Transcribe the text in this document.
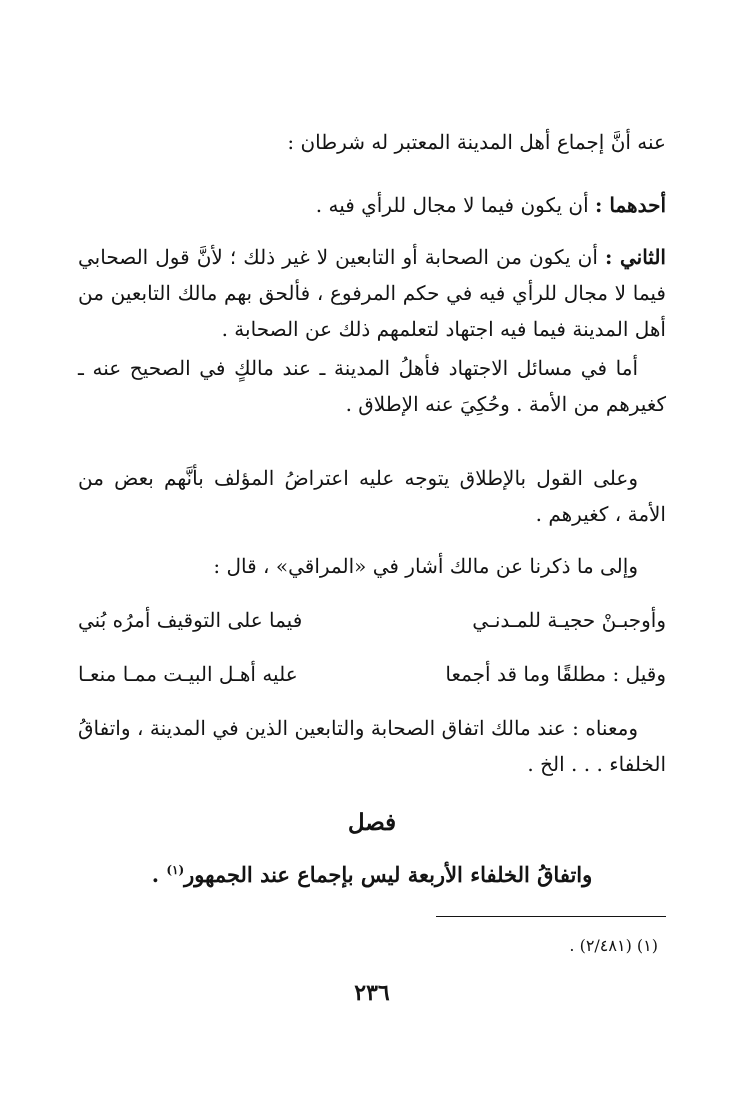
عنه أنَّ إجماع أهل المدينة المعتبر له شرطان :

أحدهما : أن يكون فيما لا مجال للرأي فيه .

الثاني : أن يكون من الصحابة أو التابعين لا غير ذلك ؛ لأنَّ قول الصحابي فيما لا مجال للرأي فيه في حكم المرفوع ، فألحق بهم مالك التابعين من أهل المدينة فيما فيه اجتهاد لتعلمهم ذلك عن الصحابة .

أما في مسائل الاجتهاد فأهلُ المدينة ـ عند مالكٍ في الصحيح عنه ـ كغيرهم من الأمة . وحُكِيَ عنه الإطلاق .

وعلى القول بالإطلاق يتوجه عليه اعتراضُ المؤلف بأنَّهم بعض من الأمة ، كغيرهم .

وإلى ما ذكرنا عن مالك أشار في «المراقي» ، قال :

وأوجبـنْ حجيـة للمـدنـي
فيما على التوقيف أمرُه بُني
وقيل : مطلقًا وما قد أجمعا
عليه أهـل البيـت ممـا منعـا

ومعناه : عند مالك اتفاق الصحابة والتابعين الذين في المدينة ، واتفاقُ الخلفاء . . . الخ .

فصل
واتفاقُ الخلفاء الأربعة ليس بإجماع عند الجمهور$^{(١)}$ .
(١) (٢/٤٨١) .
٢٣٦
